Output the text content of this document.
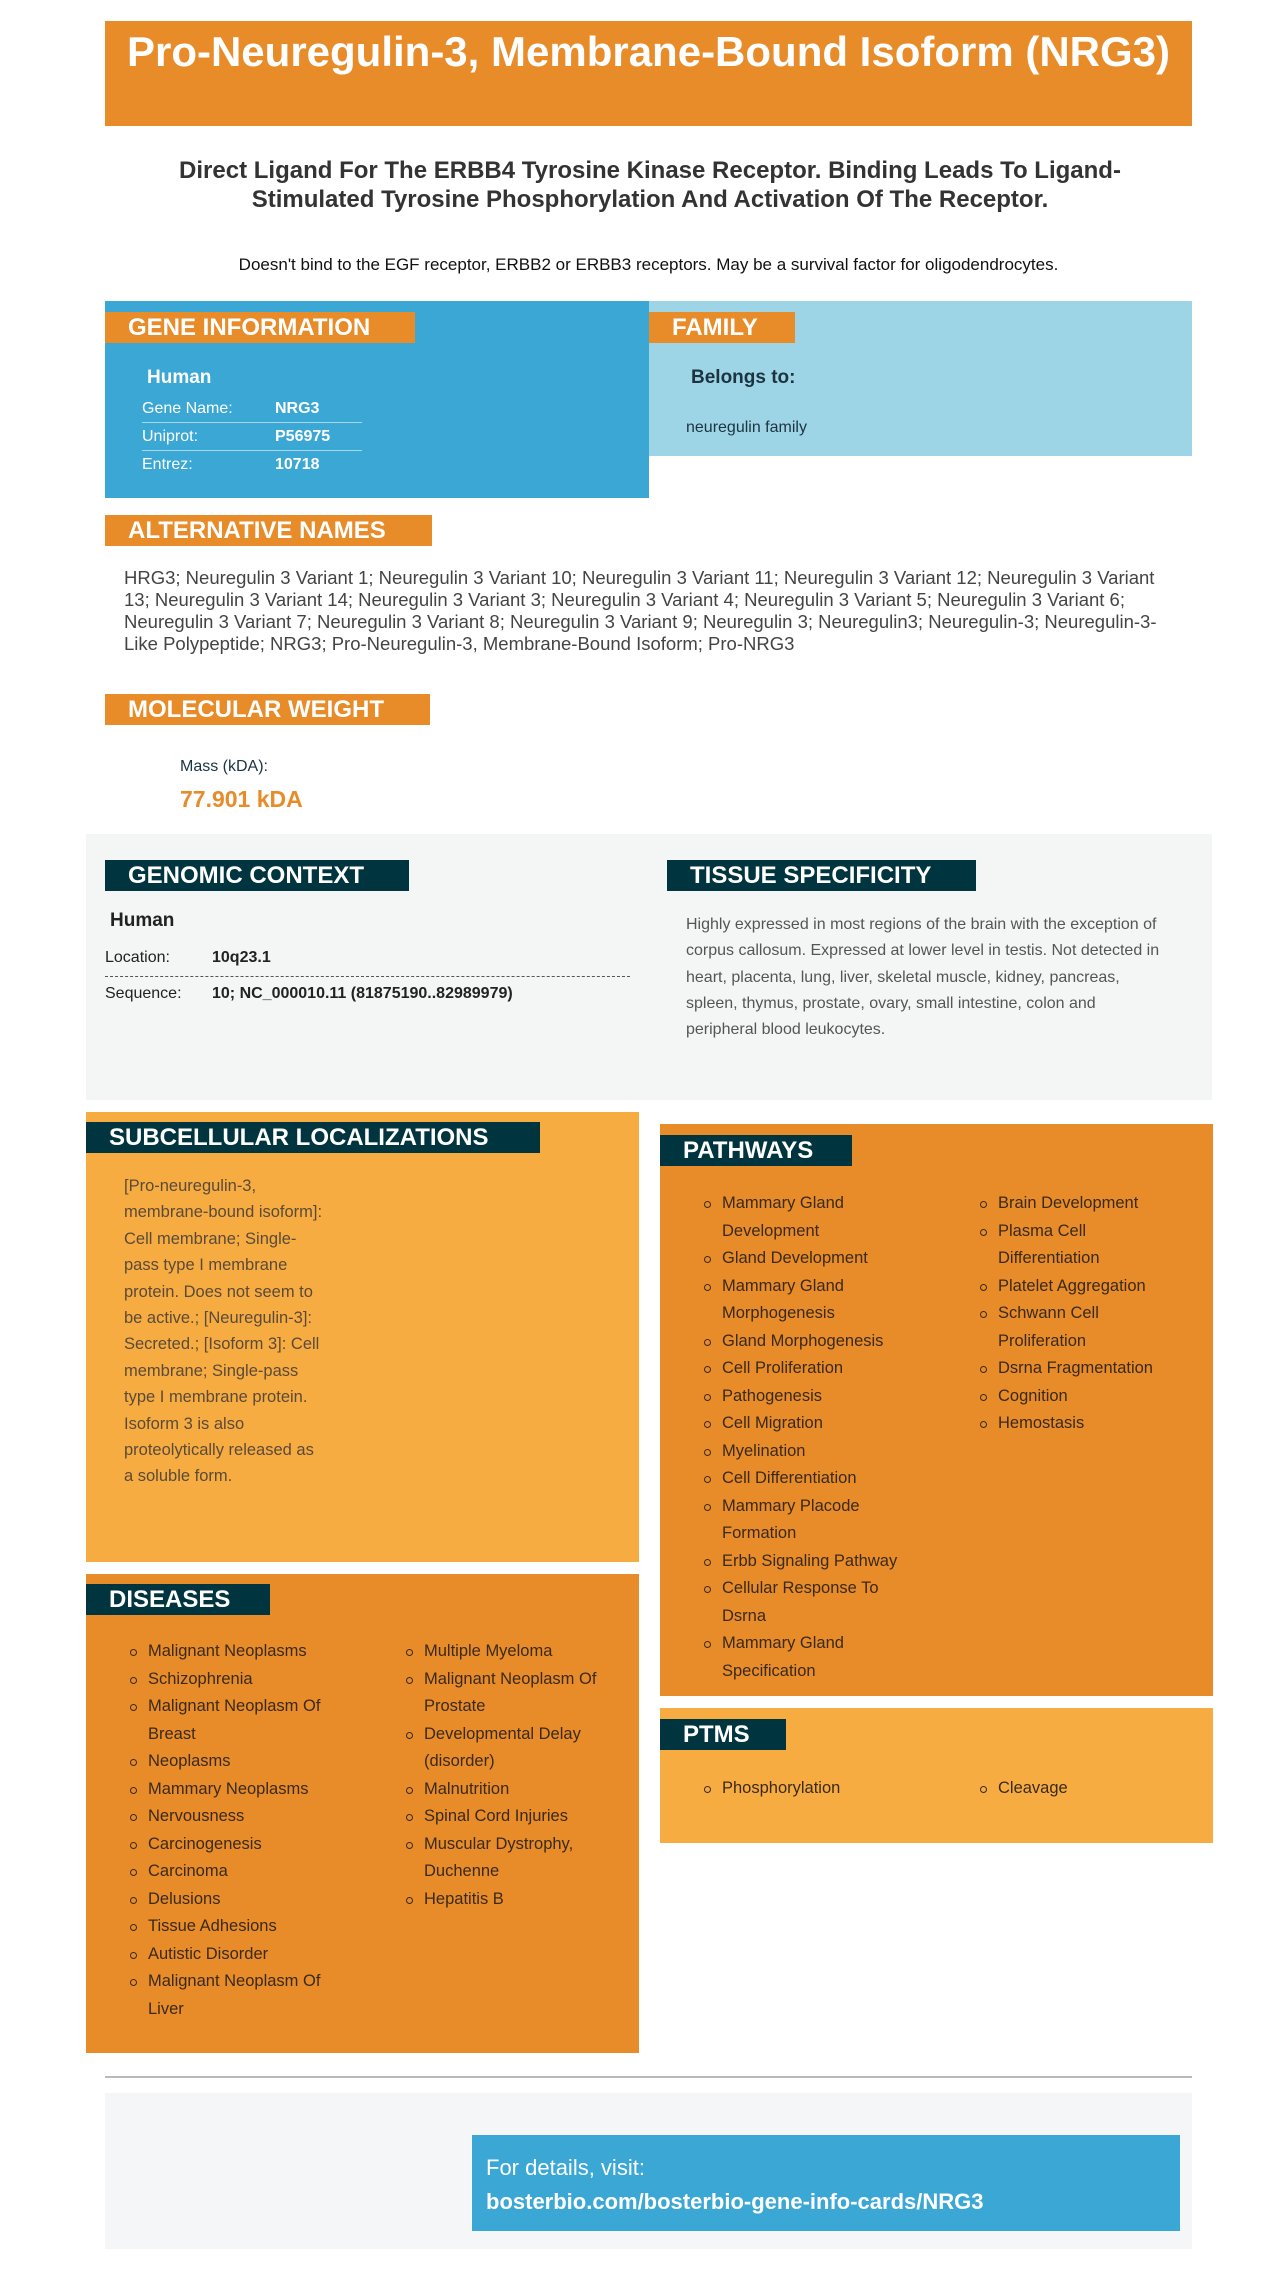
Pro-Neuregulin-3, Membrane-Bound Isoform (NRG3)
Direct Ligand For The ERBB4 Tyrosine Kinase Receptor. Binding Leads To Ligand-Stimulated Tyrosine Phosphorylation And Activation Of The Receptor.
Doesn't bind to the EGF receptor, ERBB2 or ERBB3 receptors. May be a survival factor for oligodendrocytes.
GENE INFORMATION
Human
Gene Name:	NRG3
Uniprot:	P56975
Entrez:	10718
FAMILY
Belongs to:
neuregulin family
ALTERNATIVE NAMES
HRG3; Neuregulin 3 Variant 1; Neuregulin 3 Variant 10; Neuregulin 3 Variant 11; Neuregulin 3 Variant 12; Neuregulin 3 Variant 13; Neuregulin 3 Variant 14; Neuregulin 3 Variant 3; Neuregulin 3 Variant 4; Neuregulin 3 Variant 5; Neuregulin 3 Variant 6; Neuregulin 3 Variant 7; Neuregulin 3 Variant 8; Neuregulin 3 Variant 9; Neuregulin 3; Neuregulin3; Neuregulin-3; Neuregulin-3-Like Polypeptide; NRG3; Pro-Neuregulin-3, Membrane-Bound Isoform; Pro-NRG3
MOLECULAR WEIGHT
Mass (kDA):
77.901 kDA
GENOMIC CONTEXT
Human
Location:	10q23.1
Sequence: 10; NC_000010.11 (81875190..82989979)
TISSUE SPECIFICITY
Highly expressed in most regions of the brain with the exception of corpus callosum. Expressed at lower level in testis. Not detected in heart, placenta, lung, liver, skeletal muscle, kidney, pancreas, spleen, thymus, prostate, ovary, small intestine, colon and peripheral blood leukocytes.
SUBCELLULAR LOCALIZATIONS
[Pro-neuregulin-3, membrane-bound isoform]: Cell membrane; Single-pass type I membrane protein. Does not seem to be active.; [Neuregulin-3]: Secreted.; [Isoform 3]: Cell membrane; Single-pass type I membrane protein. Isoform 3 is also proteolytically released as a soluble form.
DISEASES
Malignant Neoplasms
Schizophrenia
Malignant Neoplasm Of Breast
Neoplasms
Mammary Neoplasms
Nervousness
Carcinogenesis
Carcinoma
Delusions
Tissue Adhesions
Autistic Disorder
Malignant Neoplasm Of Liver
Multiple Myeloma
Malignant Neoplasm Of Prostate
Developmental Delay (disorder)
Malnutrition
Spinal Cord Injuries
Muscular Dystrophy, Duchenne
Hepatitis B
PATHWAYS
Mammary Gland Development
Gland Development
Mammary Gland Morphogenesis
Gland Morphogenesis
Cell Proliferation
Pathogenesis
Cell Migration
Myelination
Cell Differentiation
Mammary Placode Formation
Erbb Signaling Pathway
Cellular Response To Dsrna
Mammary Gland Specification
Brain Development
Plasma Cell Differentiation
Platelet Aggregation
Schwann Cell Proliferation
Dsrna Fragmentation
Cognition
Hemostasis
PTMS
Phosphorylation	Cleavage
For details, visit:
bosterbio.com/bosterbio-gene-info-cards/NRG3
